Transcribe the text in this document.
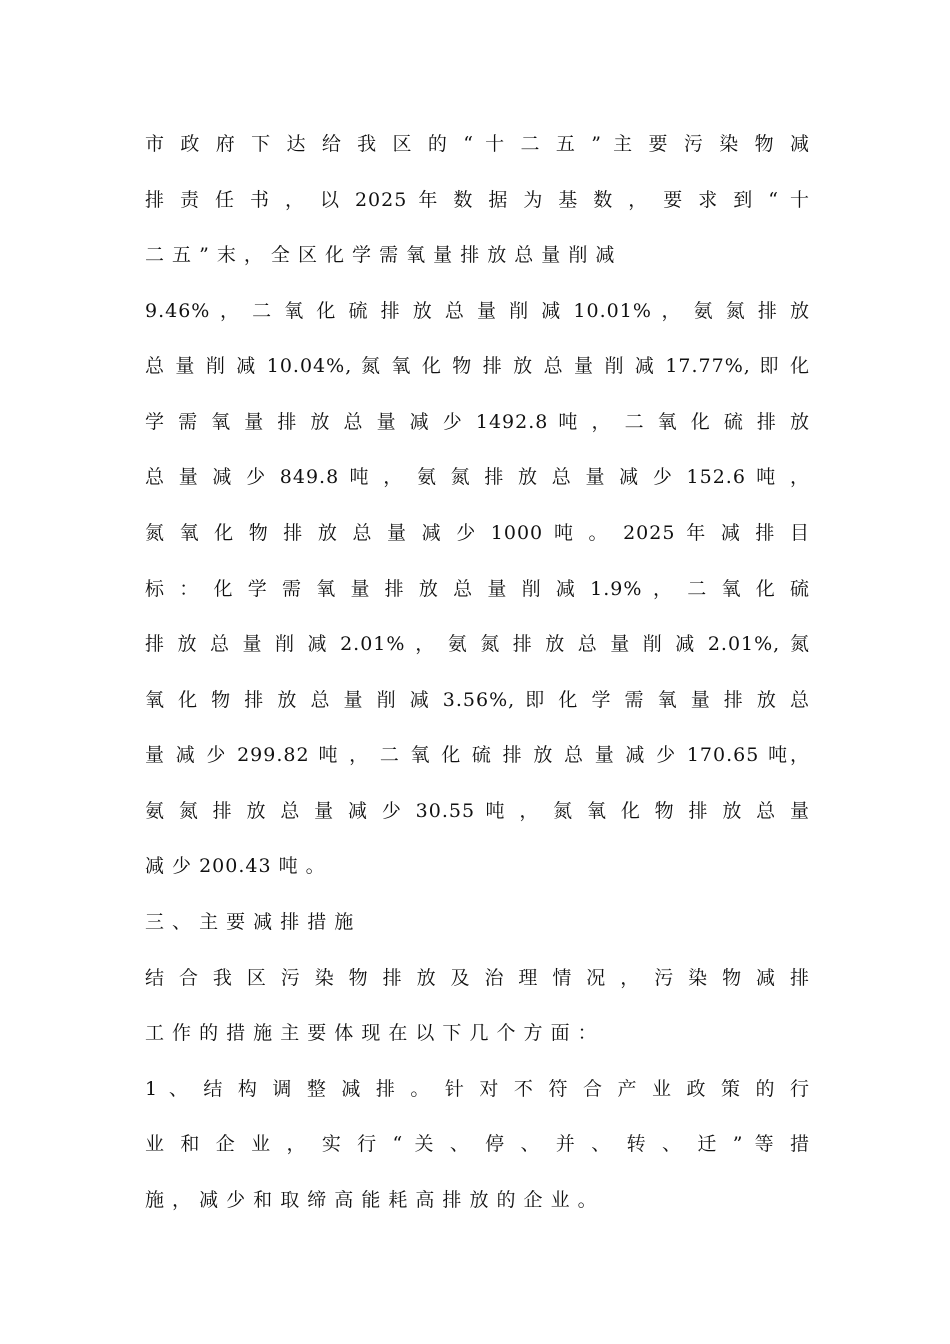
市 政 府 下 达 给 我 区 的 “ 十 二 五 ” 主 要 污 染 物 减
排 责 任 书 ， 以 2025 年 数 据 为 基 数 ， 要 求 到 “ 十
二 五 ” 末 ， 全 区 化 学 需 氧 量 排 放 总 量 削 减
9.46% ， 二 氧 化 硫 排 放 总 量 削 减 10.01% ， 氨 氮 排 放
总 量 削 减 10.04%, 氮 氧 化 物 排 放 总 量 削 减 17.77%, 即 化
学 需 氧 量 排 放 总 量 减 少 1492.8 吨 ， 二 氧 化 硫 排 放
总 量 减 少 849.8 吨 ， 氨 氮 排 放 总 量 减 少 152.6 吨 ，
氮 氧 化 物 排 放 总 量 减 少 1000 吨 。 2025 年 减 排 目
标 ： 化 学 需 氧 量 排 放 总 量 削 减 1.9% ， 二 氧 化 硫
排 放 总 量 削 减 2.01% ， 氨 氮 排 放 总 量 削 减 2.01%, 氮
氧 化 物 排 放 总 量 削 减 3.56%, 即 化 学 需 氧 量 排 放 总
量 减 少 299.82 吨 ， 二 氧 化 硫 排 放 总 量 减 少 170.65 吨，
氨 氮 排 放 总 量 减 少 30.55 吨 ， 氮 氧 化 物 排 放 总 量
减 少 200.43 吨 。
三 、 主 要 减 排 措 施
结 合 我 区 污 染 物 排 放 及 治 理 情 况 ， 污 染 物 减 排
工 作 的 措 施 主 要 体 现 在 以 下 几 个 方 面 ：
1 、 结 构 调 整 减 排 。 针 对 不 符 合 产 业 政 策 的 行
业 和 企 业 ， 实 行 “ 关 、 停 、 并 、 转 、 迁 ” 等 措
施 ， 减 少 和 取 缔 高 能 耗 高 排 放 的 企 业 。
